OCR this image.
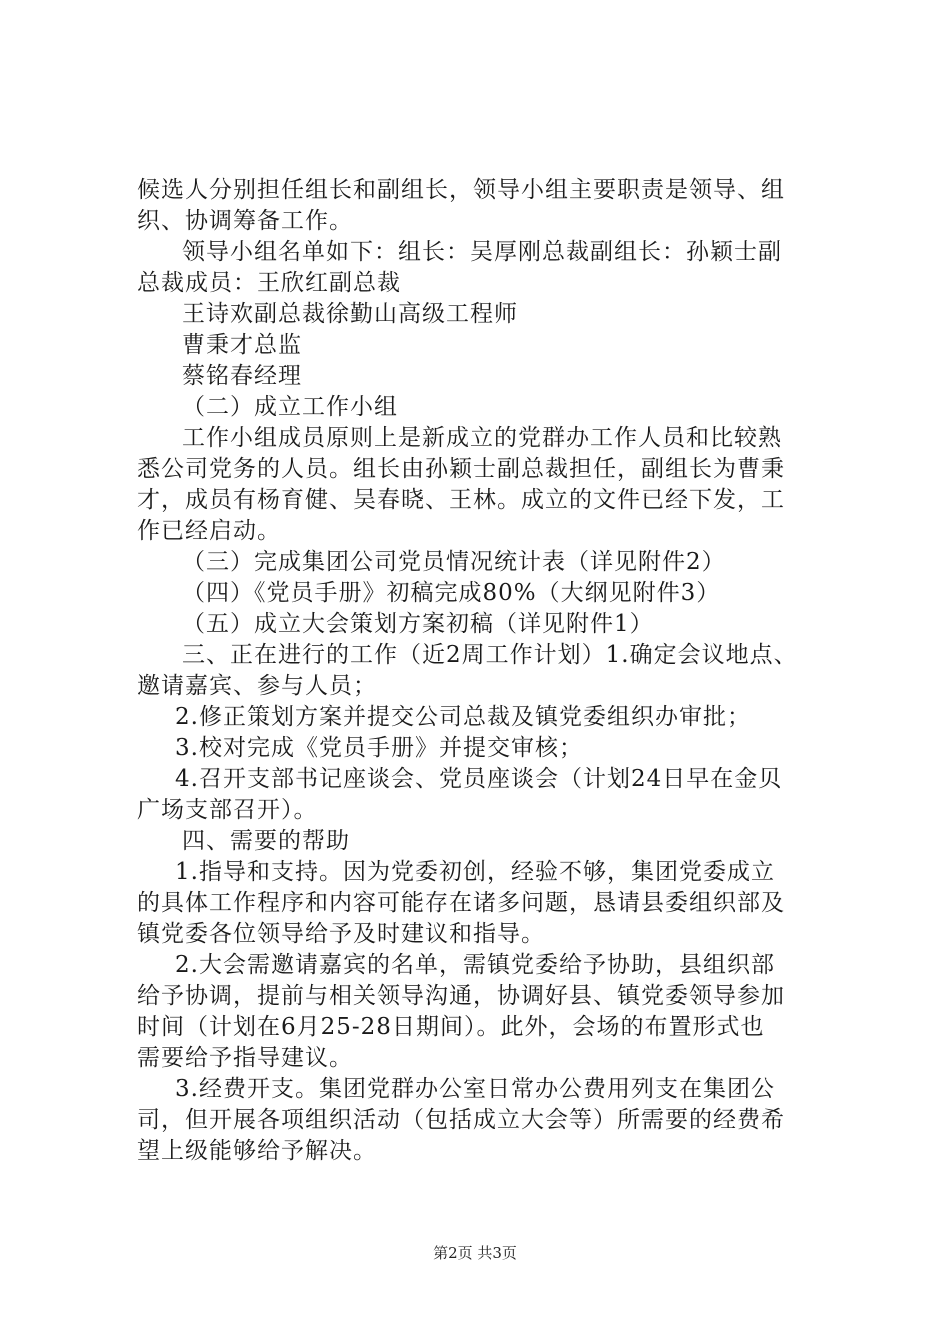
候选人分别担任组长和副组长，领导小组主要职责是领导、组
织、协调筹备工作。
领导小组名单如下：组长：吴厚刚总裁副组长：孙颖士副
总裁成员：王欣红副总裁
王诗欢副总裁徐勤山高级工程师
曹秉才总监
蔡铭春经理
（二）成立工作小组
工作小组成员原则上是新成立的党群办工作人员和比较熟
悉公司党务的人员。组长由孙颖士副总裁担任，副组长为曹秉
才，成员有杨育健、吴春晓、王林。成立的文件已经下发，工
作已经启动。
（三）完成集团公司党员情况统计表（详见附件2）
（四）《党员手册》初稿完成80%（大纲见附件3）
（五）成立大会策划方案初稿（详见附件1）
三、正在进行的工作（近2周工作计划）1.确定会议地点、
邀请嘉宾、参与人员；
2.修正策划方案并提交公司总裁及镇党委组织办审批；
3.校对完成《党员手册》并提交审核；
4.召开支部书记座谈会、党员座谈会（计划24日早在金贝
广场支部召开）。
四、需要的帮助
1.指导和支持。因为党委初创，经验不够，集团党委成立
的具体工作程序和内容可能存在诸多问题，恳请县委组织部及
镇党委各位领导给予及时建议和指导。
2.大会需邀请嘉宾的名单，需镇党委给予协助，县组织部
给予协调，提前与相关领导沟通，协调好县、镇党委领导参加
时间（计划在6月25-28日期间）。此外，会场的布置形式也
需要给予指导建议。
3.经费开支。集团党群办公室日常办公费用列支在集团公
司，但开展各项组织活动（包括成立大会等）所需要的经费希
望上级能够给予解决。
第2页 共3页
